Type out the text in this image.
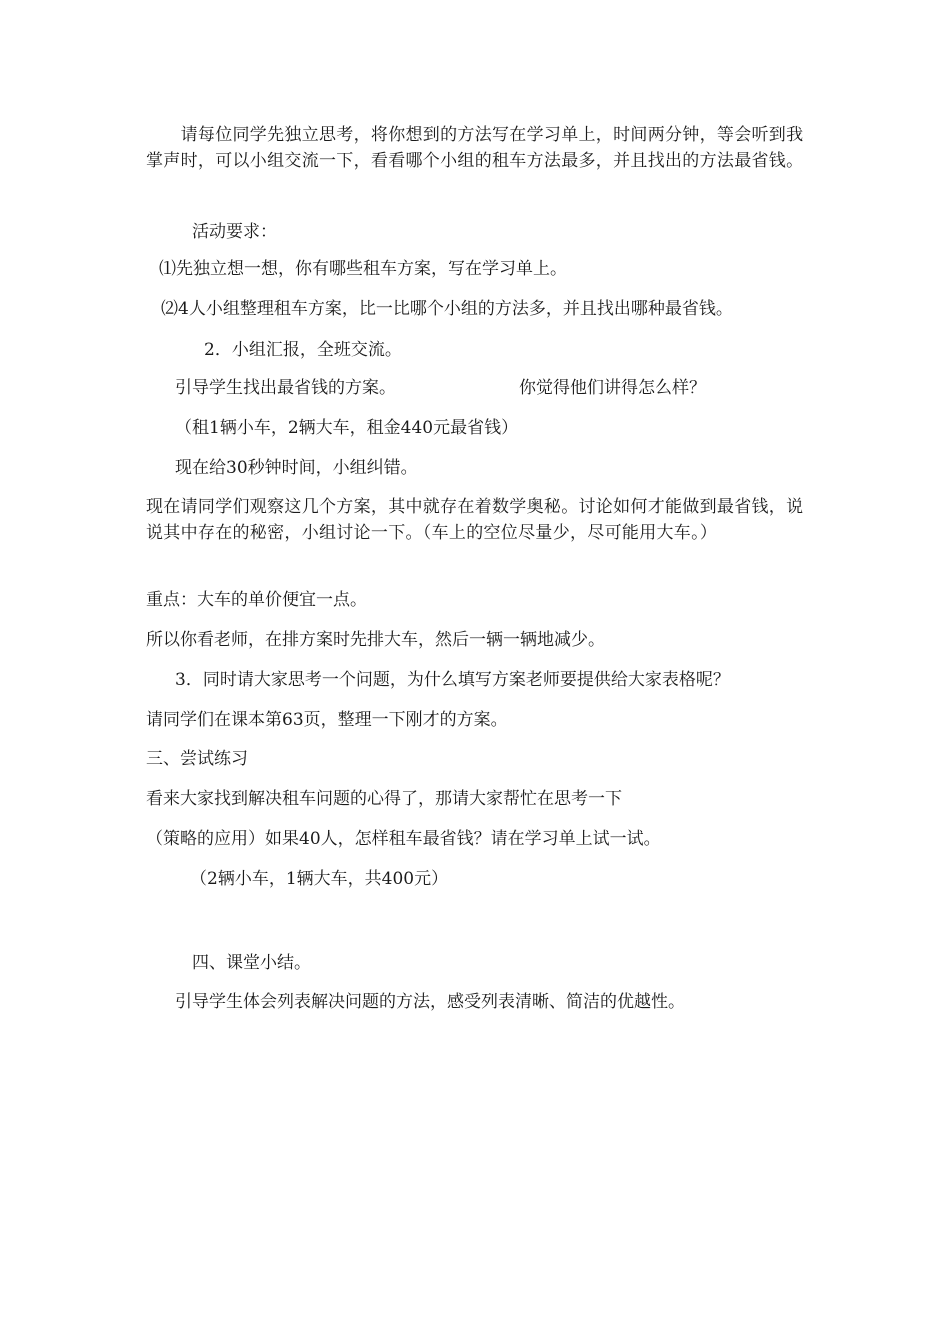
　　请每位同学先独立思考，将你想到的方法写在学习单上，时间两分钟，等会听到我掌声时，可以小组交流一下，看看哪个小组的租车方法最多，并且找出的方法最省钱。
活动要求：
⑴先独立想一想，你有哪些租车方案，写在学习单上。
⑵4人小组整理租车方案，比一比哪个小组的方法多，并且找出哪种最省钱。
2．小组汇报，全班交流。
引导学生找出最省钱的方案。	你觉得他们讲得怎么样？
（租1辆小车，2辆大车，租金440元最省钱）
现在给30秒钟时间，小组纠错。
现在请同学们观察这几个方案，其中就存在着数学奥秘。讨论如何才能做到最省钱，说说其中存在的秘密，小组讨论一下。（车上的空位尽量少，尽可能用大车。）
重点：大车的单价便宜一点。
所以你看老师，在排方案时先排大车，然后一辆一辆地减少。
3．同时请大家思考一个问题，为什么填写方案老师要提供给大家表格呢？
请同学们在课本第63页，整理一下刚才的方案。
三、尝试练习
看来大家找到解决租车问题的心得了，那请大家帮忙在思考一下
（策略的应用）如果40人，怎样租车最省钱？请在学习单上试一试。
（2辆小车，1辆大车，共400元）
四、课堂小结。
引导学生体会列表解决问题的方法，感受列表清晰、简洁的优越性。
